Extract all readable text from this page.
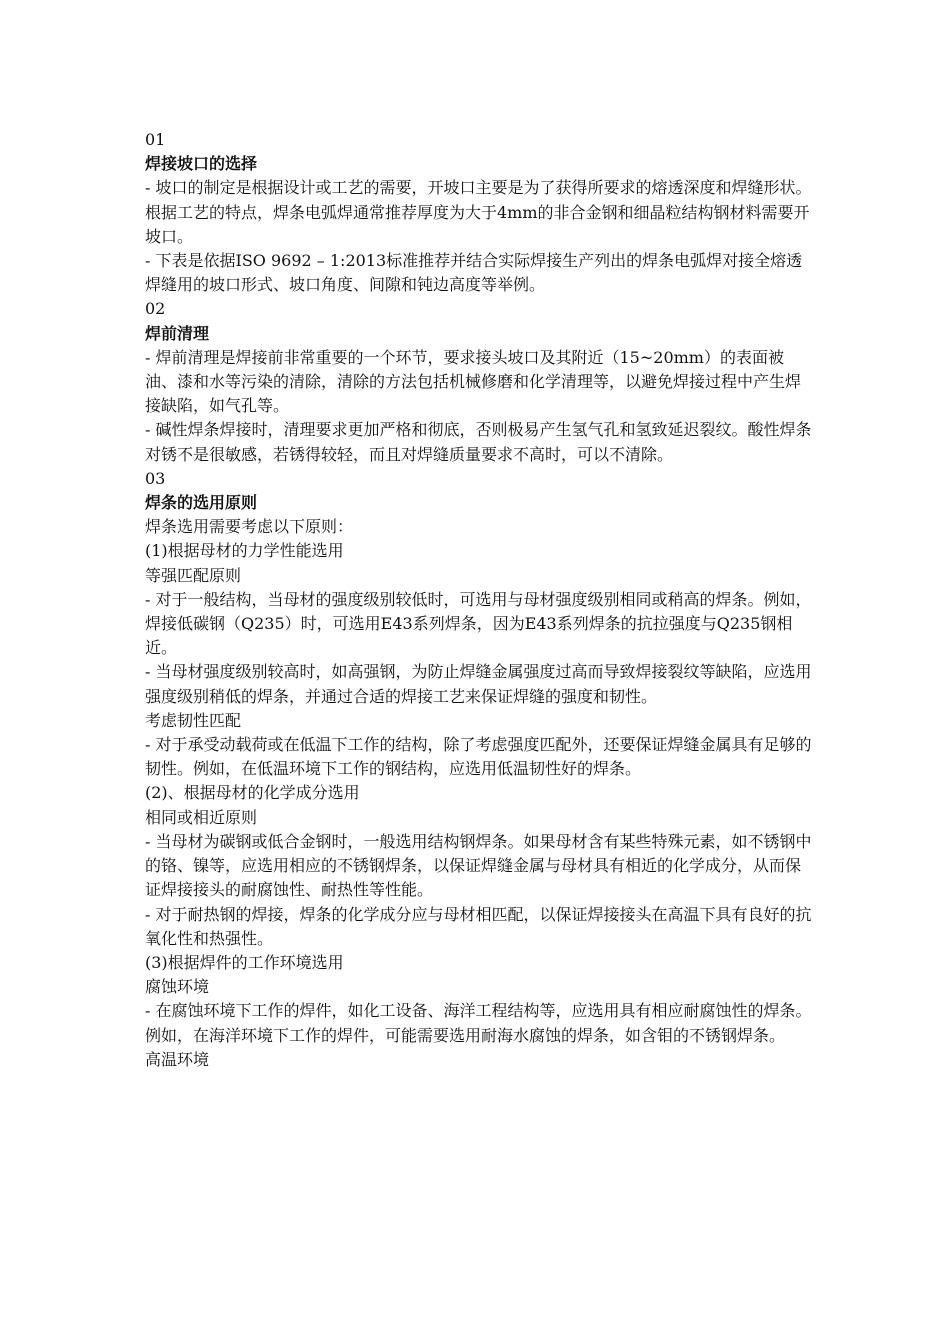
01

焊接坡口的选择

- 坡口的制定是根据设计或工艺的需要，开坡口主要是为了获得所要求的熔透深度和焊缝形状。根据工艺的特点，焊条电弧焊通常推荐厚度为大于4mm的非合金钢和细晶粒结构钢材料需要开坡口。

- 下表是依据ISO 9692 – 1:2013标准推荐并结合实际焊接生产列出的焊条电弧焊对接全熔透焊缝用的坡口形式、坡口角度、间隙和钝边高度等举例。

02

焊前清理

- 焊前清理是焊接前非常重要的一个环节，要求接头坡口及其附近（15~20mm）的表面被油、漆和水等污染的清除，清除的方法包括机械修磨和化学清理等，以避免焊接过程中产生焊接缺陷，如气孔等。

- 碱性焊条焊接时，清理要求更加严格和彻底，否则极易产生氢气孔和氢致延迟裂纹。酸性焊条对锈不是很敏感，若锈得较轻，而且对焊缝质量要求不高时，可以不清除。

03

焊条的选用原则

焊条选用需要考虑以下原则：

(1)根据母材的力学性能选用

等强匹配原则

- 对于一般结构，当母材的强度级别较低时，可选用与母材强度级别相同或稍高的焊条。例如，焊接低碳钢（Q235）时，可选用E43系列焊条，因为E43系列焊条的抗拉强度与Q235钢相近。

- 当母材强度级别较高时，如高强钢，为防止焊缝金属强度过高而导致焊接裂纹等缺陷，应选用强度级别稍低的焊条，并通过合适的焊接工艺来保证焊缝的强度和韧性。

考虑韧性匹配

- 对于承受动载荷或在低温下工作的结构，除了考虑强度匹配外，还要保证焊缝金属具有足够的韧性。例如，在低温环境下工作的钢结构，应选用低温韧性好的焊条。

(2)、根据母材的化学成分选用

相同或相近原则

- 当母材为碳钢或低合金钢时，一般选用结构钢焊条。如果母材含有某些特殊元素，如不锈钢中的铬、镍等，应选用相应的不锈钢焊条，以保证焊缝金属与母材具有相近的化学成分，从而保证焊接接头的耐腐蚀性、耐热性等性能。

- 对于耐热钢的焊接，焊条的化学成分应与母材相匹配，以保证焊接接头在高温下具有良好的抗氧化性和热强性。

(3)根据焊件的工作环境选用

腐蚀环境

- 在腐蚀环境下工作的焊件，如化工设备、海洋工程结构等，应选用具有相应耐腐蚀性的焊条。例如，在海洋环境下工作的焊件，可能需要选用耐海水腐蚀的焊条，如含钼的不锈钢焊条。

高温环境
